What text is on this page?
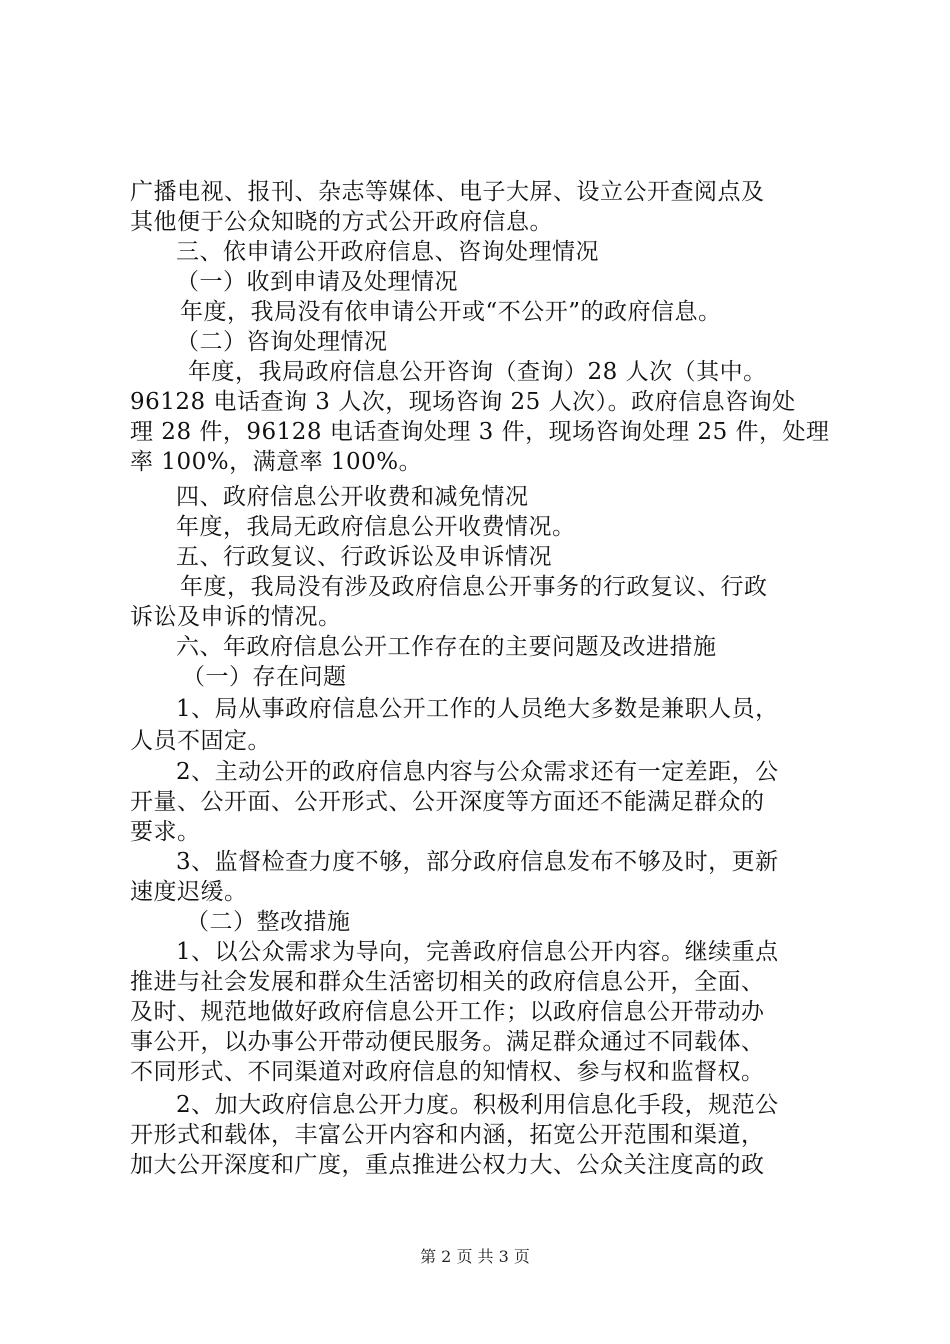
广播电视、报刊、杂志等媒体、电子大屏、设立公开查阅点及
其他便于公众知晓的方式公开政府信息。
三、依申请公开政府信息、咨询处理情况
（一）收到申请及处理情况
年度，我局没有依申请公开或“不公开”的政府信息。
（二）咨询处理情况
年度，我局政府信息公开咨询（查询）28 人次（其中。
96128 电话查询 3 人次，现场咨询 25 人次）。政府信息咨询处
理 28 件，96128 电话查询处理 3 件，现场咨询处理 25 件，处理
率 100%，满意率 100%。
四、政府信息公开收费和减免情况
年度，我局无政府信息公开收费情况。
五、行政复议、行政诉讼及申诉情况
年度，我局没有涉及政府信息公开事务的行政复议、行政
诉讼及申诉的情况。
六、年政府信息公开工作存在的主要问题及改进措施
（一）存在问题
1、局从事政府信息公开工作的人员绝大多数是兼职人员，
人员不固定。
2、主动公开的政府信息内容与公众需求还有一定差距，公
开量、公开面、公开形式、公开深度等方面还不能满足群众的
要求。
3、监督检查力度不够，部分政府信息发布不够及时，更新
速度迟缓。
（二）整改措施
1、以公众需求为导向，完善政府信息公开内容。继续重点
推进与社会发展和群众生活密切相关的政府信息公开，全面、
及时、规范地做好政府信息公开工作；以政府信息公开带动办
事公开，以办事公开带动便民服务。满足群众通过不同载体、
不同形式、不同渠道对政府信息的知情权、参与权和监督权。
2、加大政府信息公开力度。积极利用信息化手段，规范公
开形式和载体，丰富公开内容和内涵，拓宽公开范围和渠道，
加大公开深度和广度，重点推进公权力大、公众关注度高的政
第 2 页 共 3 页
